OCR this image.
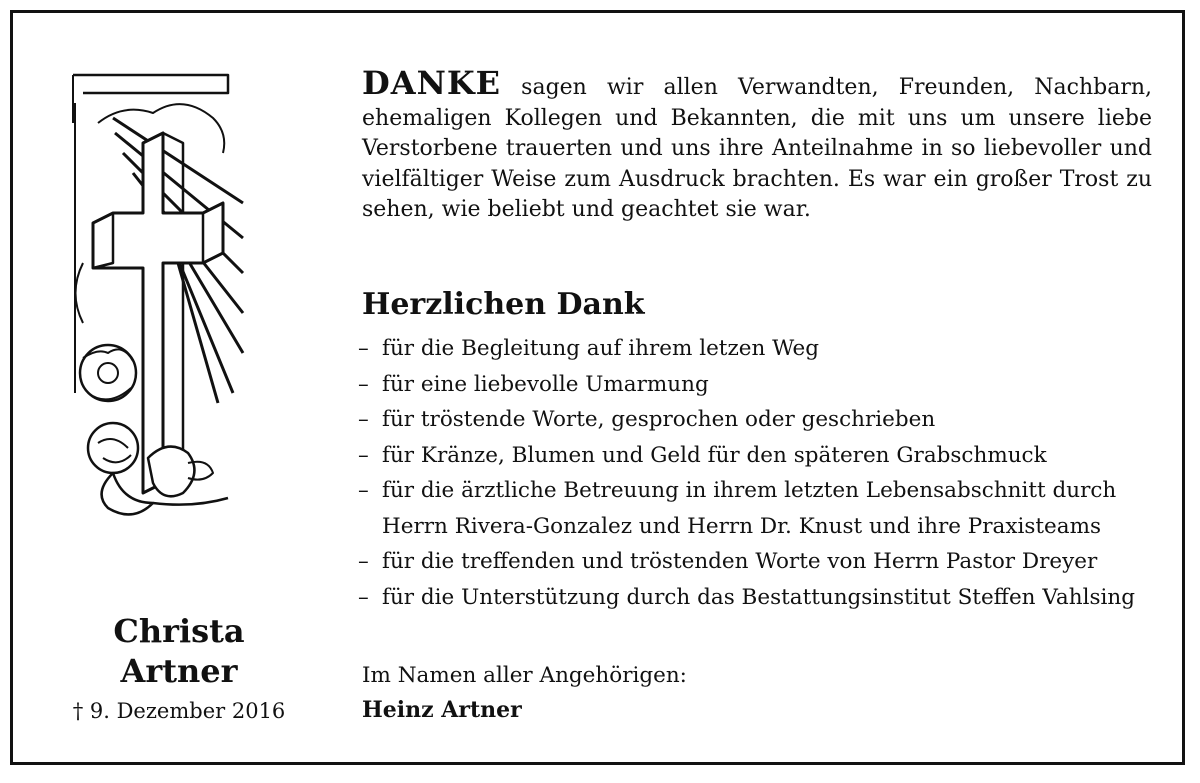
Christa
Artner
† 9. Dezember 2016
DANKE sagen wir allen Verwandten, Freunden, Nachbarn, ehemaligen Kollegen und Bekannten, die mit uns um unsere liebe Verstorbene trauerten und uns ihre Anteilnahme in so liebevoller und vielfältiger Weise zum Ausdruck brachten. Es war ein großer Trost zu sehen, wie beliebt und geachtet sie war.
Herzlichen Dank
– für die Begleitung auf ihrem letzen Weg
– für eine liebevolle Umarmung
– für tröstende Worte, gesprochen oder geschrieben
– für Kränze, Blumen und Geld für den späteren Grabschmuck
– für die ärztliche Betreuung in ihrem letzten Lebensabschnitt durch Herrn Rivera-Gonzalez und Herrn Dr. Knust und ihre Praxisteams
– für die treffenden und tröstenden Worte von Herrn Pastor Dreyer
– für die Unterstützung durch das Bestattungsinstitut Steffen Vahlsing
Im Namen aller Angehörigen:
Heinz Artner
